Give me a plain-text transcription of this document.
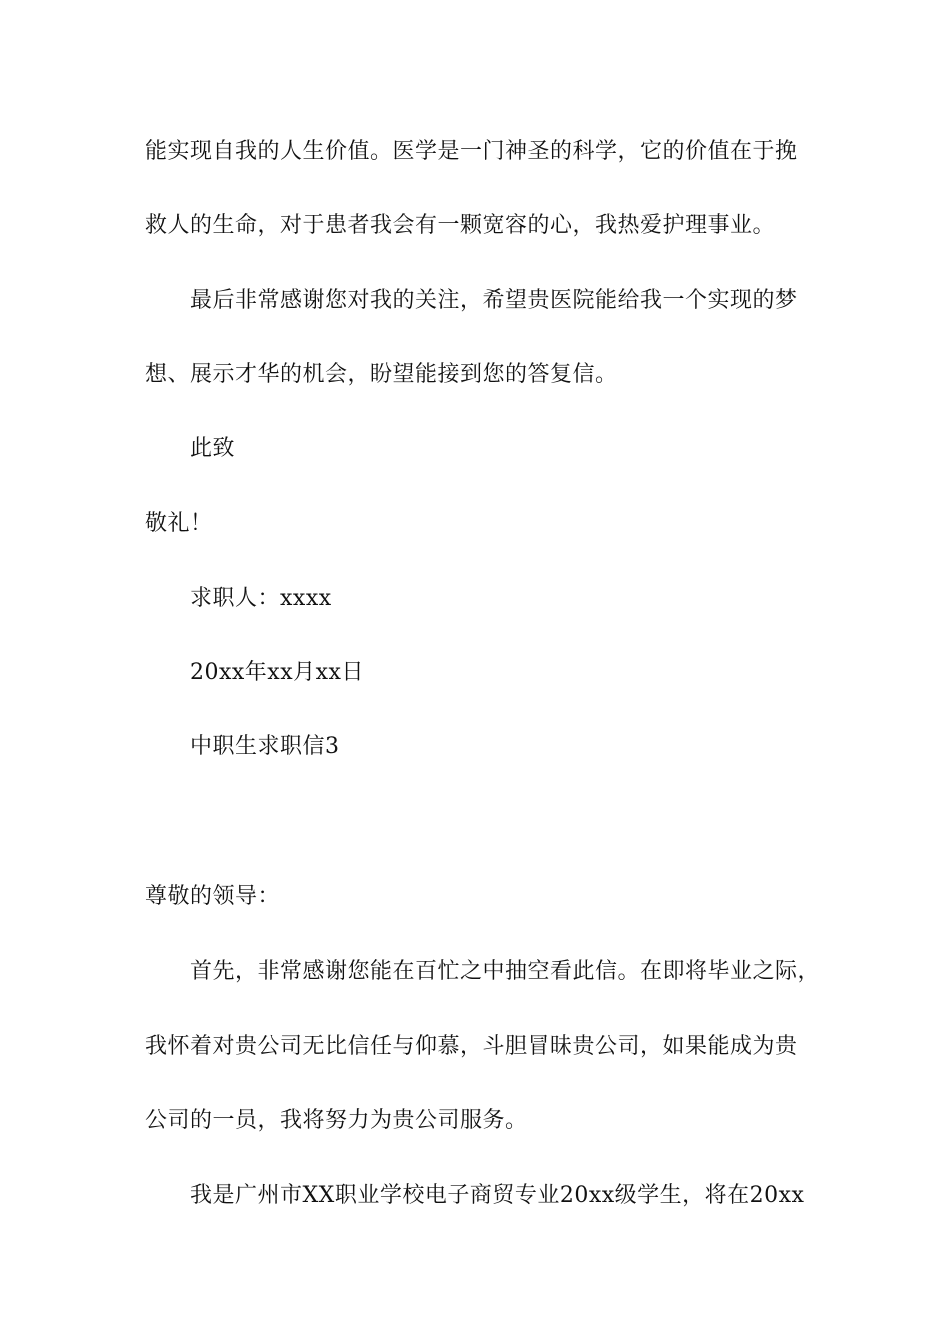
能实现自我的人生价值。医学是一门神圣的科学，它的价值在于挽
救人的生命，对于患者我会有一颗宽容的心，我热爱护理事业。
最后非常感谢您对我的关注，希望贵医院能给我一个实现的梦
想、展示才华的机会，盼望能接到您的答复信。
此致
敬礼！
求职人：xxxx
20xx年xx月xx日
中职生求职信3
尊敬的领导：
首先，非常感谢您能在百忙之中抽空看此信。在即将毕业之际，
我怀着对贵公司无比信任与仰慕，斗胆冒昧贵公司，如果能成为贵
公司的一员，我将努力为贵公司服务。
我是广州市XX职业学校电子商贸专业20xx级学生，将在20xx
